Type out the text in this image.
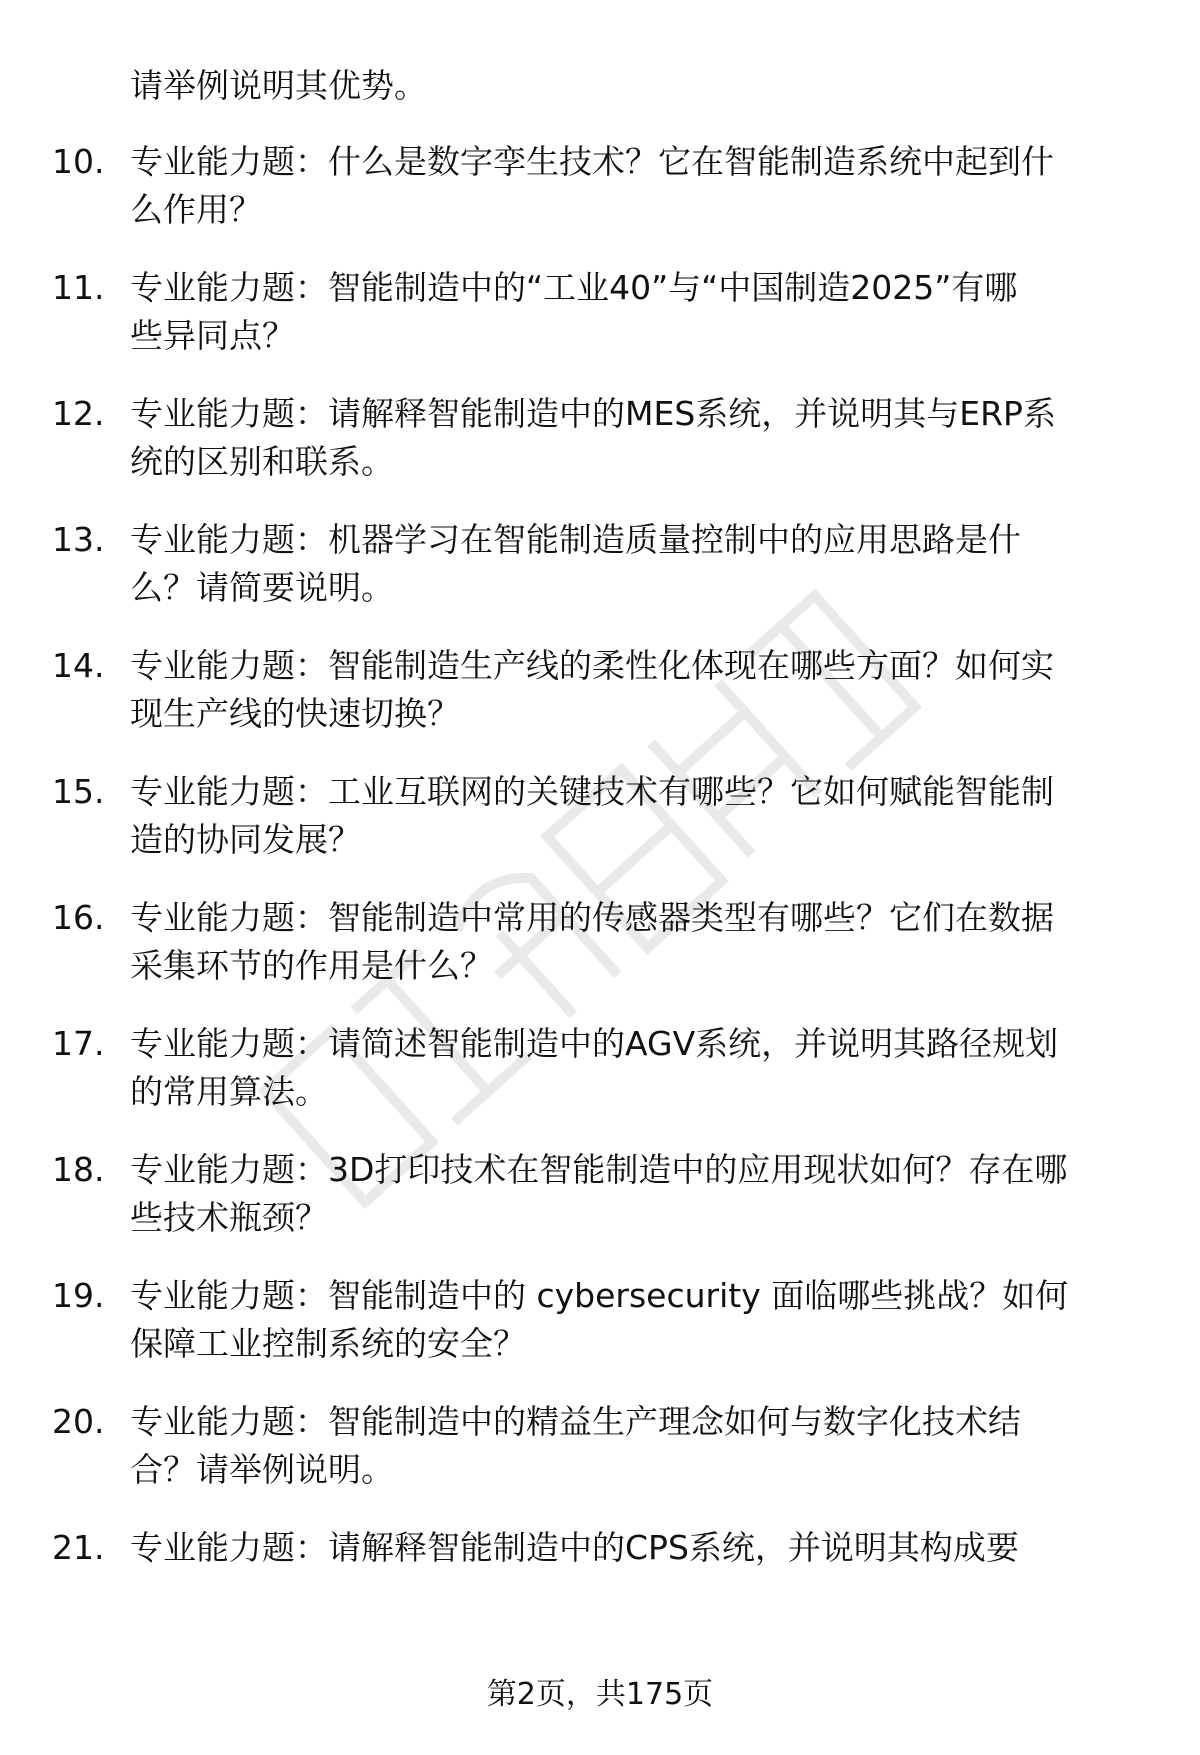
请举例说明其优势。
10. 专业能力题：什么是数字孪生技术？它在智能制造系统中起到什
么作用？
11. 专业能力题：智能制造中的“工业40”与“中国制造2025”有哪
些异同点？
12. 专业能力题：请解释智能制造中的MES系统，并说明其与ERP系
统的区别和联系。
13. 专业能力题：机器学习在智能制造质量控制中的应用思路是什
么？请简要说明。
14. 专业能力题：智能制造生产线的柔性化体现在哪些方面？如何实
现生产线的快速切换？
15. 专业能力题：工业互联网的关键技术有哪些？它如何赋能智能制
造的协同发展？
16. 专业能力题：智能制造中常用的传感器类型有哪些？它们在数据
采集环节的作用是什么？
17. 专业能力题：请简述智能制造中的AGV系统，并说明其路径规划
的常用算法。
18. 专业能力题：3D打印技术在智能制造中的应用现状如何？存在哪
些技术瓶颈？
19. 专业能力题：智能制造中的 cybersecurity 面临哪些挑战？如何
保障工业控制系统的安全？
20. 专业能力题：智能制造中的精益生产理念如何与数字化技术结
合？请举例说明。
21. 专业能力题：请解释智能制造中的CPS系统，并说明其构成要
第2页，共175页
